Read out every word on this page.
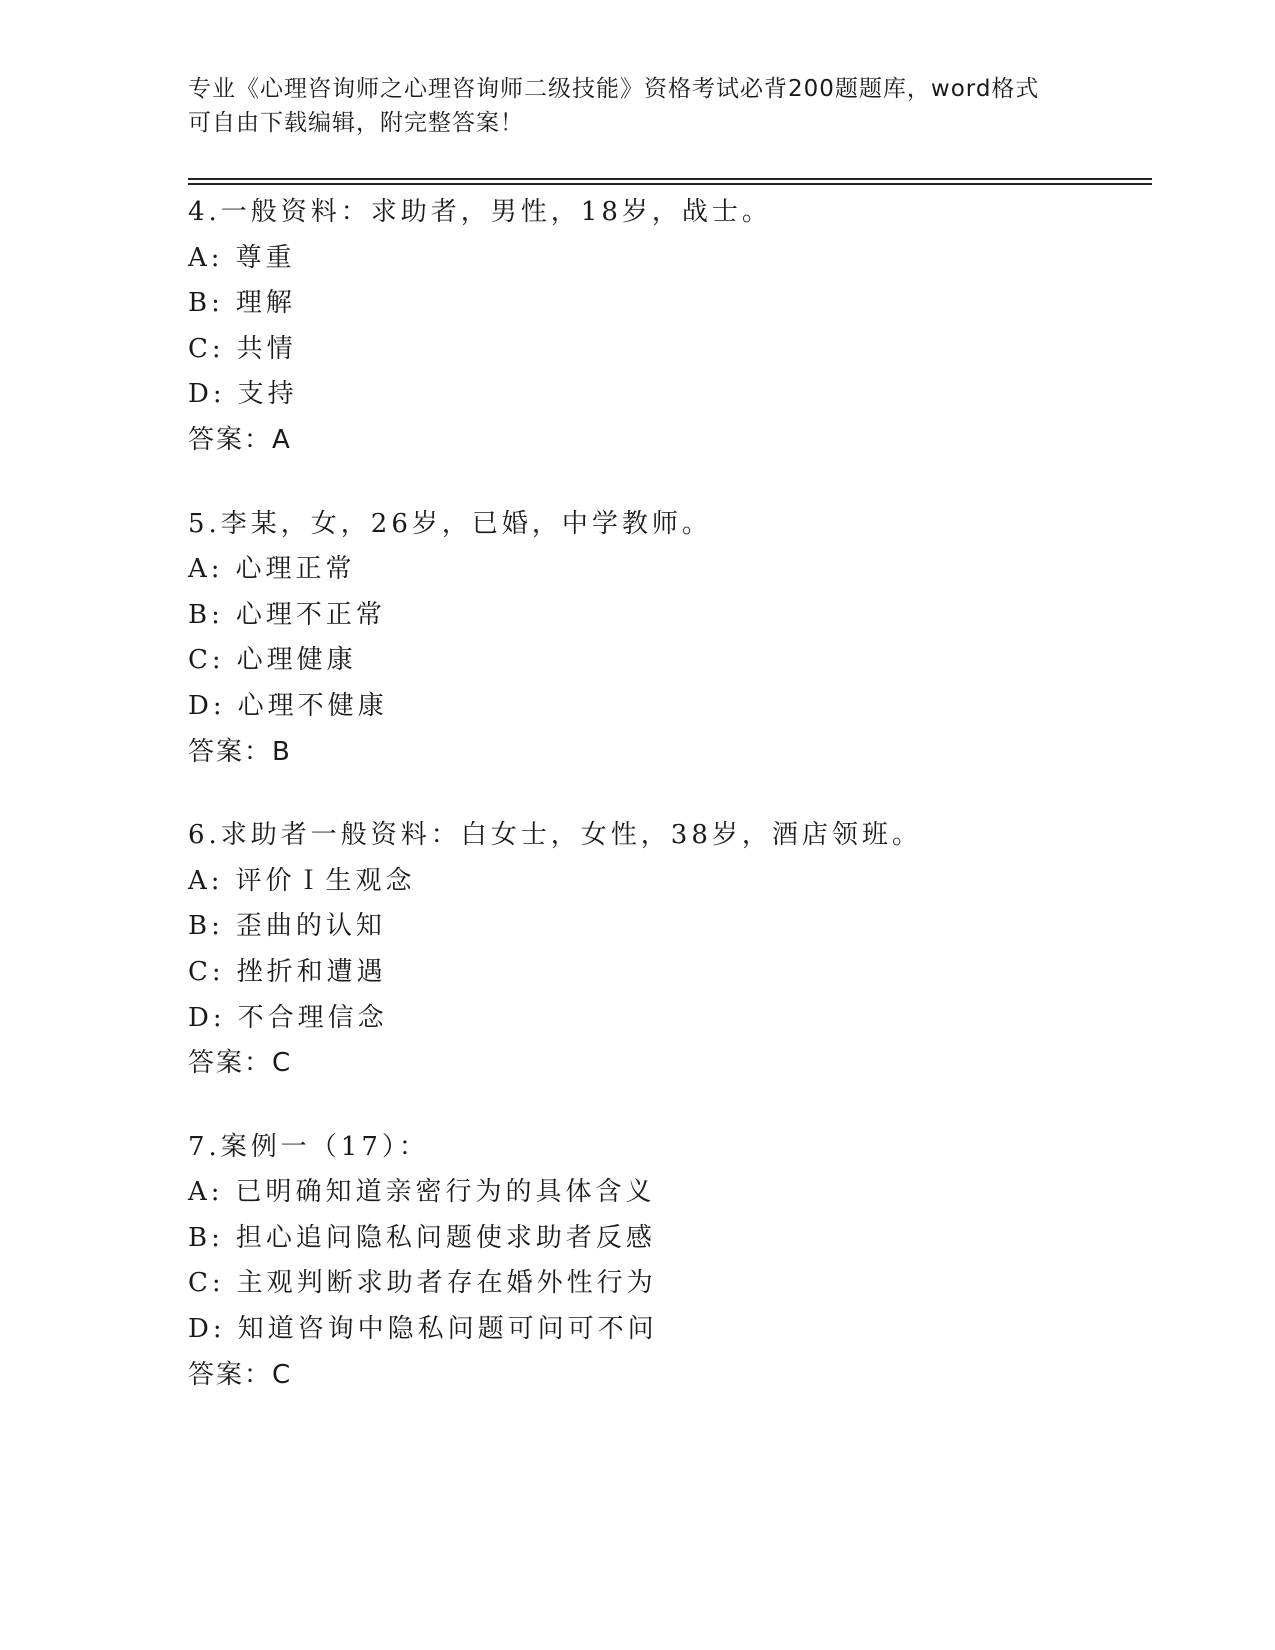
专业《心理咨询师之心理咨询师二级技能》资格考试必背200题题库，word格式
可自由下载编辑，附完整答案！
4.一般资料：求助者，男性，18岁，战士。
A: 尊重
B: 理解
C: 共情
D: 支持
答案：A
5.李某，女，26岁，已婚，中学教师。
A: 心理正常
B: 心理不正常
C: 心理健康
D: 心理不健康
答案：B
6.求助者一般资料：白女士，女性，38岁，酒店领班。
A: 评价Ｉ生观念
B: 歪曲的认知
C: 挫折和遭遇
D: 不合理信念
答案：C
7.案例一（17）：
A: 已明确知道亲密行为的具体含义
B: 担心追问隐私问题使求助者反感
C: 主观判断求助者存在婚外性行为
D: 知道咨询中隐私问题可问可不问
答案：C
